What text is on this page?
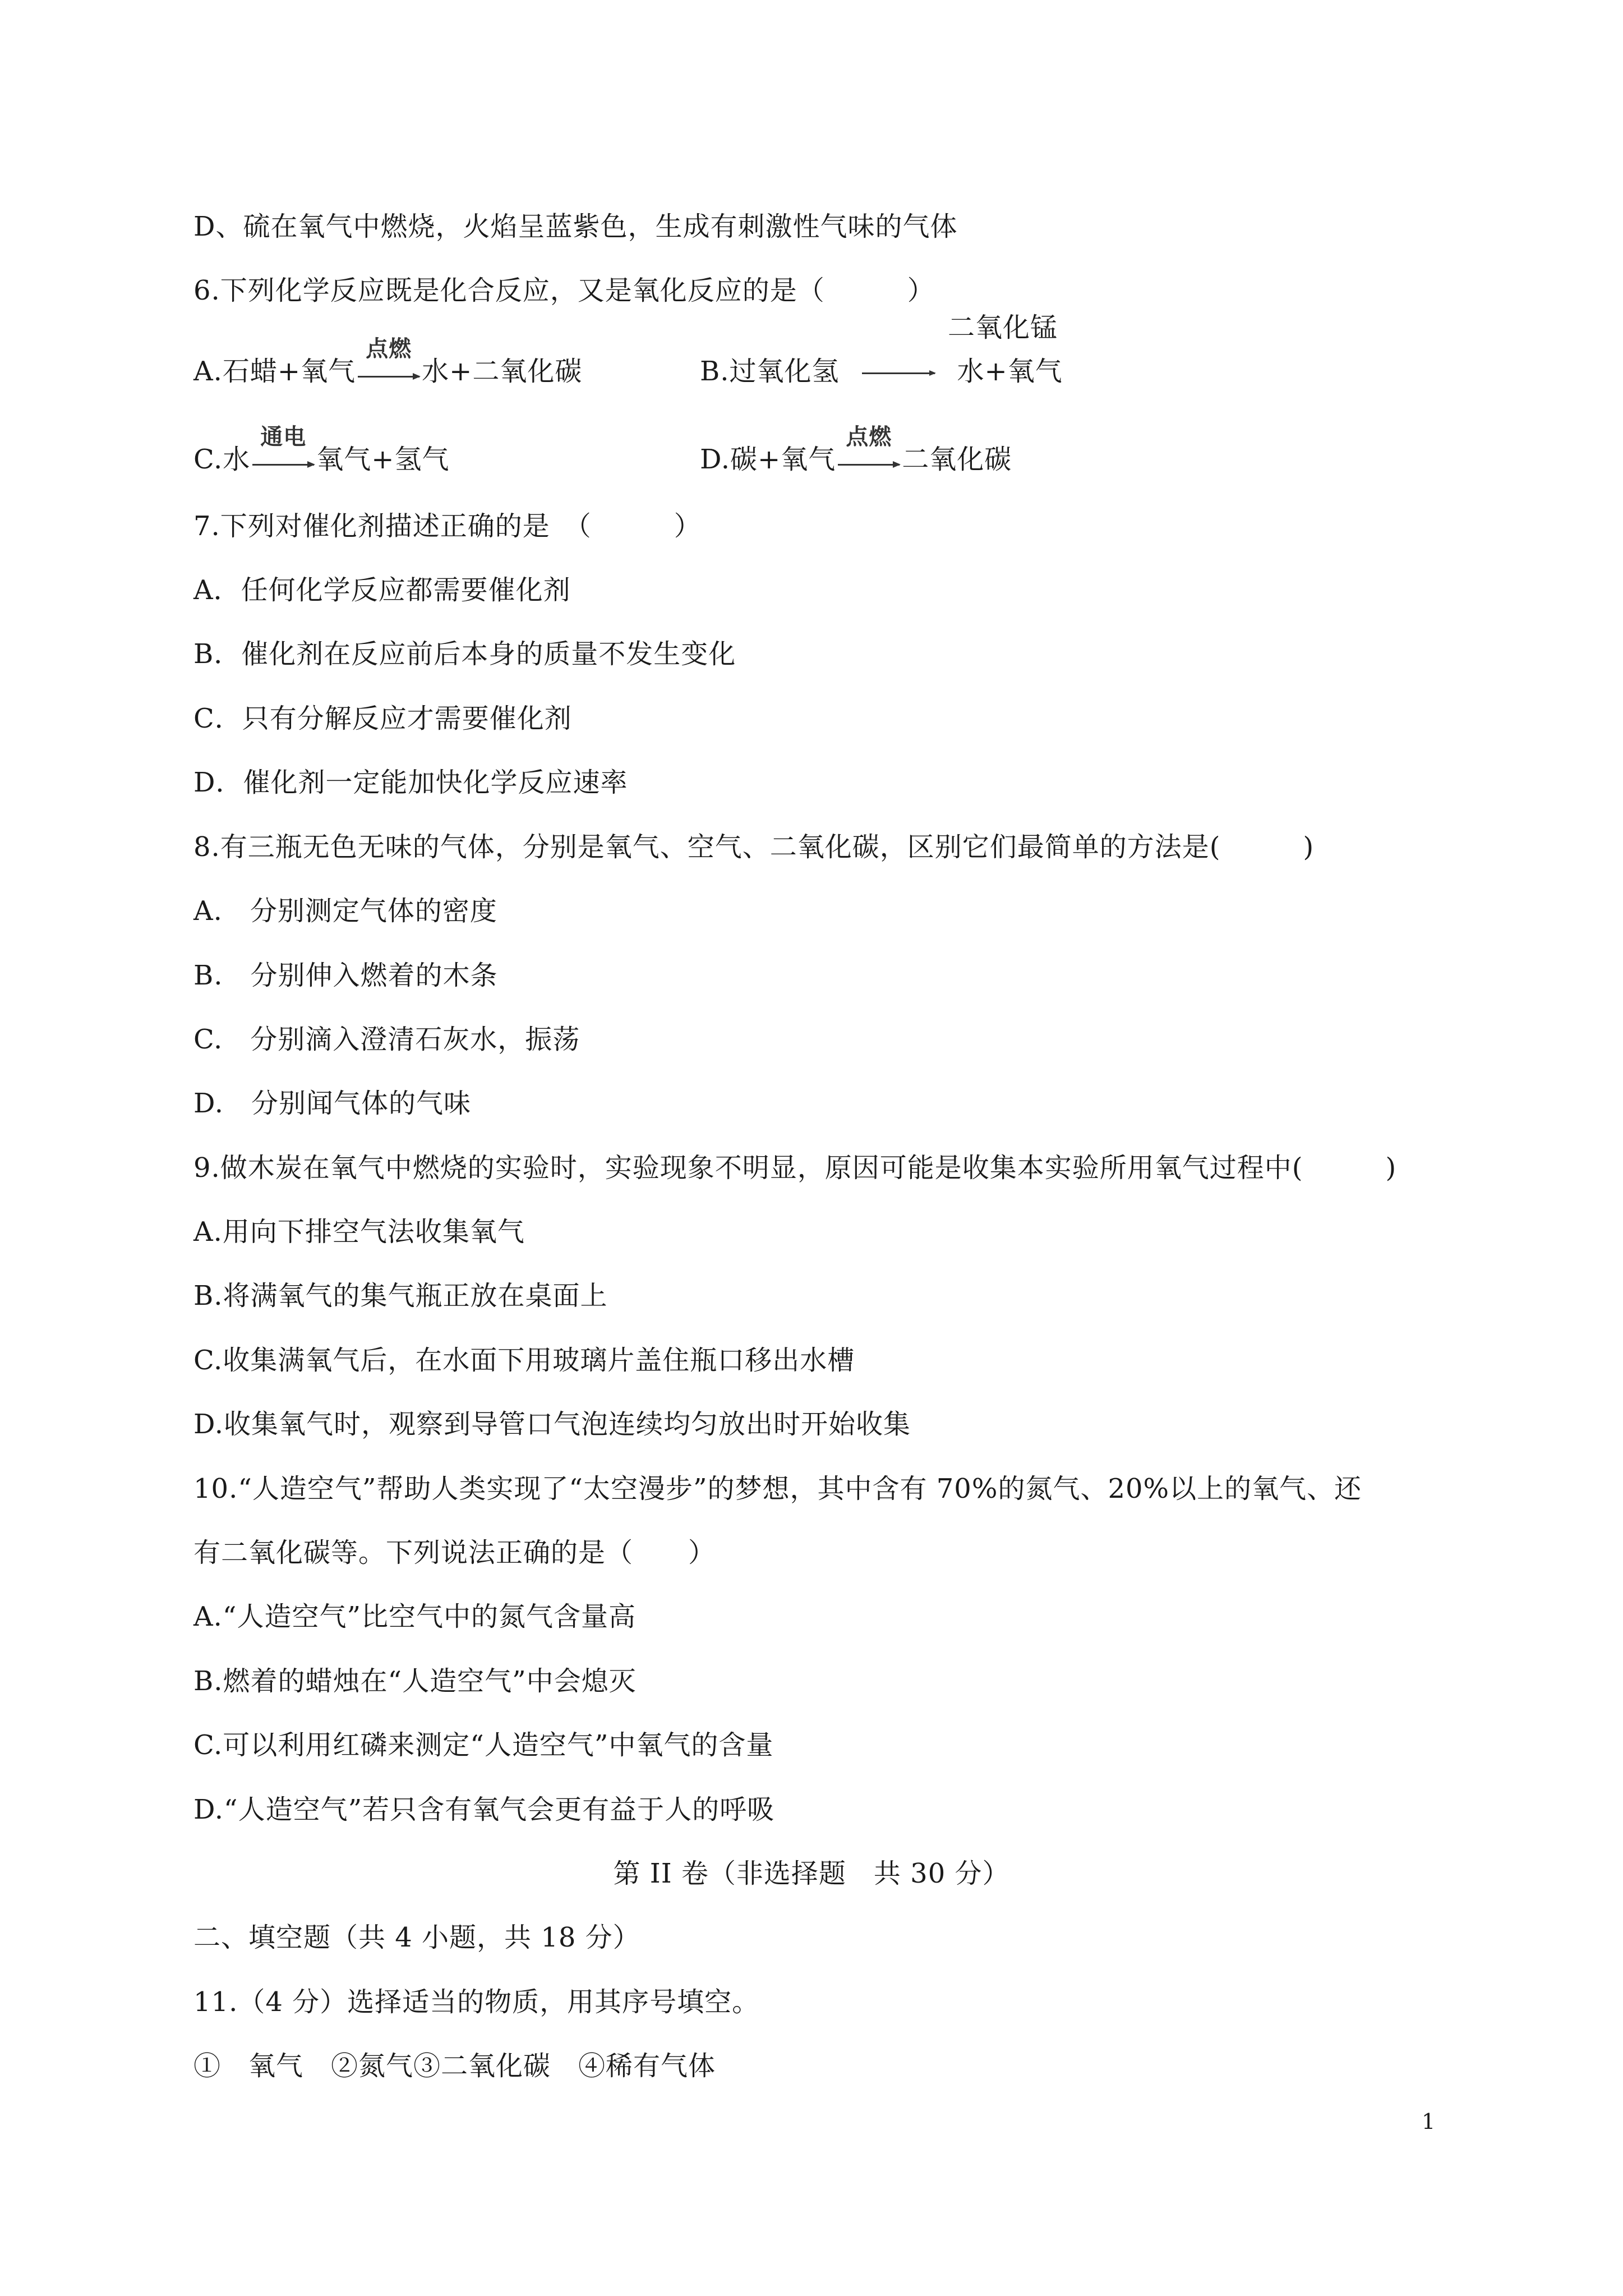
D、硫在氧气中燃烧，火焰呈蓝紫色，生成有刺激性气味的气体
6.下列化学反应既是化合反应，又是氧化反应的是（　　　）
二氧化锰
A.石蜡+氧气
点燃
水+二氧化碳	B.过氧化氢 → 水+氧气
C.水
通电
氧气+氢气	D.碳+氧气
点燃
二氧化碳
7.下列对催化剂描述正确的是　（　　　）
A．任何化学反应都需要催化剂
B．催化剂在反应前后本身的质量不发生变化
C．只有分解反应才需要催化剂
D．催化剂一定能加快化学反应速率
8.有三瓶无色无味的气体，分别是氧气、空气、二氧化碳，区别它们最简单的方法是(　　　)
A.　分别测定气体的密度
B.　分别伸入燃着的木条
C.　分别滴入澄清石灰水，振荡
D.　分别闻气体的气味
9.做木炭在氧气中燃烧的实验时，实验现象不明显，原因可能是收集本实验所用氧气过程中(　　　)
A.用向下排空气法收集氧气
B.将满氧气的集气瓶正放在桌面上
C.收集满氧气后，在水面下用玻璃片盖住瓶口移出水槽
D.收集氧气时，观察到导管口气泡连续均匀放出时开始收集
10.“人造空气”帮助人类实现了“太空漫步”的梦想，其中含有 70%的氮气、20%以上的氧气、还
有二氧化碳等。下列说法正确的是（　　）
A.“人造空气”比空气中的氮气含量高
B.燃着的蜡烛在“人造空气”中会熄灭
C.可以利用红磷来测定“人造空气”中氧气的含量
D.“人造空气”若只含有氧气会更有益于人的呼吸
第 II 卷（非选择题　共 30 分）
二、填空题（共 4 小题，共 18 分）
11.（4 分）选择适当的物质，用其序号填空。
①　氧气　②氮气③二氧化碳　④稀有气体
1
